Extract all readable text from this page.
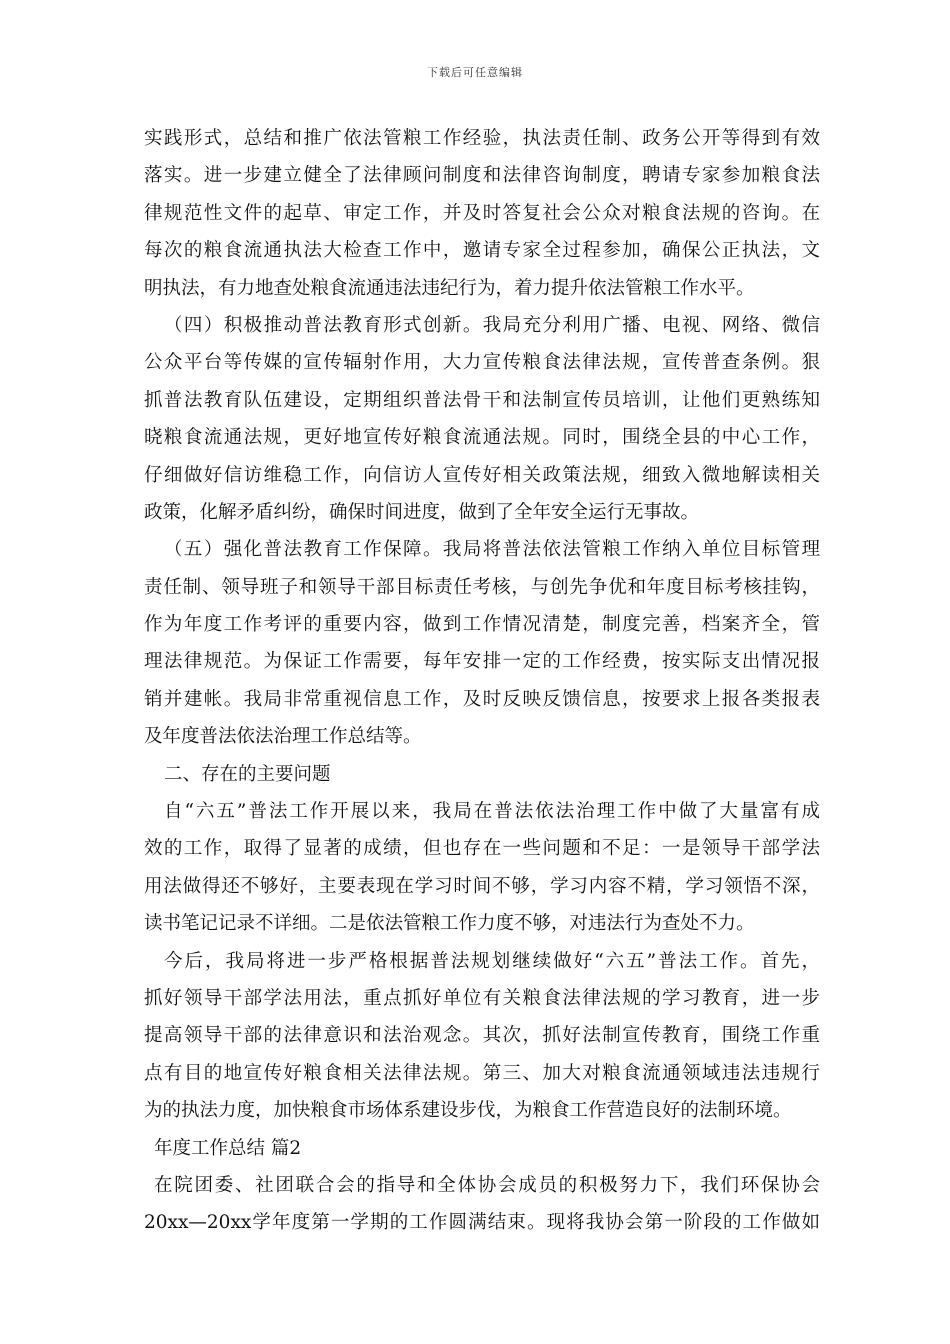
下载后可任意编辑
实践形式，总结和推广依法管粮工作经验，执法责任制、政务公开等得到有效
落实。进一步建立健全了法律顾问制度和法律咨询制度，聘请专家参加粮食法
律规范性文件的起草、审定工作，并及时答复社会公众对粮食法规的咨询。在
每次的粮食流通执法大检查工作中，邀请专家全过程参加，确保公正执法，文
明执法，有力地查处粮食流通违法违纪行为，着力提升依法管粮工作水平。
（四）积极推动普法教育形式创新。我局充分利用广播、电视、网络、微信
公众平台等传媒的宣传辐射作用，大力宣传粮食法律法规，宣传普查条例。狠
抓普法教育队伍建设，定期组织普法骨干和法制宣传员培训，让他们更熟练知
晓粮食流通法规，更好地宣传好粮食流通法规。同时，围绕全县的中心工作，
仔细做好信访维稳工作，向信访人宣传好相关政策法规，细致入微地解读相关
政策，化解矛盾纠纷，确保时间进度，做到了全年安全运行无事故。
（五）强化普法教育工作保障。我局将普法依法管粮工作纳入单位目标管理
责任制、领导班子和领导干部目标责任考核，与创先争优和年度目标考核挂钩，
作为年度工作考评的重要内容，做到工作情况清楚，制度完善，档案齐全，管
理法律规范。为保证工作需要，每年安排一定的工作经费，按实际支出情况报
销并建帐。我局非常重视信息工作，及时反映反馈信息，按要求上报各类报表
及年度普法依法治理工作总结等。
二、存在的主要问题
自“六五”普法工作开展以来，我局在普法依法治理工作中做了大量富有成
效的工作，取得了显著的成绩，但也存在一些问题和不足：一是领导干部学法
用法做得还不够好，主要表现在学习时间不够，学习内容不精，学习领悟不深，
读书笔记记录不详细。二是依法管粮工作力度不够，对违法行为查处不力。
今后，我局将进一步严格根据普法规划继续做好“六五”普法工作。首先，
抓好领导干部学法用法，重点抓好单位有关粮食法律法规的学习教育，进一步
提高领导干部的法律意识和法治观念。其次，抓好法制宣传教育，围绕工作重
点有目的地宣传好粮食相关法律法规。第三、加大对粮食流通领域违法违规行
为的执法力度，加快粮食市场体系建设步伐，为粮食工作营造良好的法制环境。
年度工作总结 篇2
在院团委、社团联合会的指导和全体协会成员的积极努力下，我们环保协会
20xx—20xx学年度第一学期的工作圆满结束。现将我协会第一阶段的工作做如
